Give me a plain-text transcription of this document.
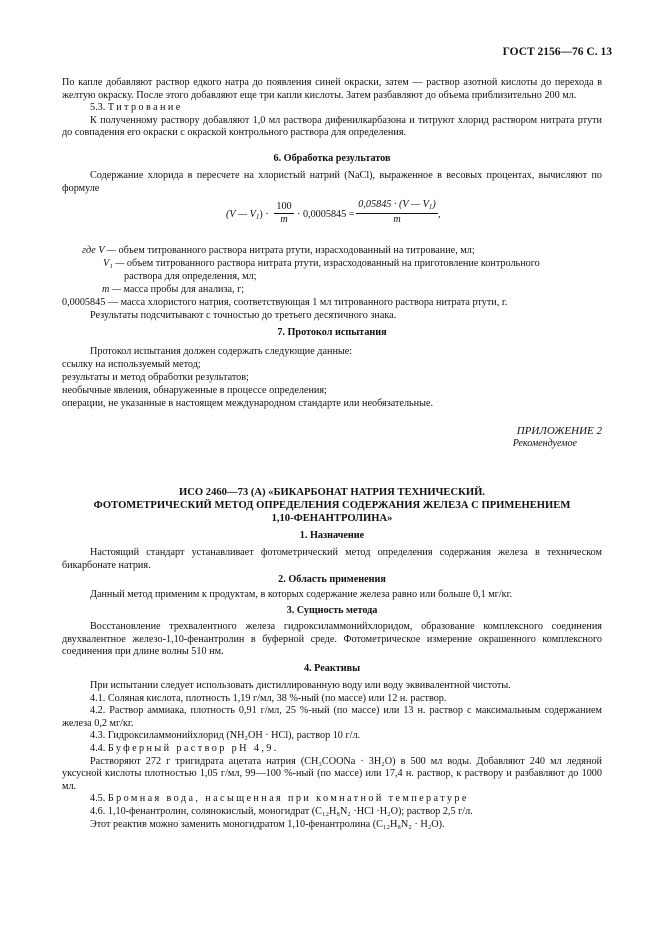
ГОСТ 2156—76 С. 13

По капле добавляют раствор едкого натра до появления синей окраски, затем — раствор азотной кислоты до перехода в желтую окраску. После этого добавляют еще три капли кислоты. Затем разбавляют до объема приблизительно 200 мл.

5.3. Титрование

К полученному раствору добавляют 1,0 мл раствора дифенилкарбазона и титруют хлорид раствором нитрата ртути до совпадения его окраски с окраской контрольного раствора для определения.

6. Обработка результатов
Содержание хлорида в пересчете на хлористый натрий (NaCl), выраженное в весовых процентах, вычисляют по формуле
(V — $V_1) \cdot \frac{100}{m} \cdot 0,0005845 = \frac{0,05845 \cdot (V — V_1)}{m}$ ,
где V — объем титрованного раствора нитрата ртути, израсходованный на титрование, мл;
V₁ — объем титрованного раствора нитрата ртути, израсходованный на приготовление контрольного
раствора для определения, мл;
m — масса пробы для анализа, г;
0,0005845 — масса хлористого натрия, соответствующая 1 мл титрованного раствора нитрата ртути, г.
Результаты подсчитывают с точностью до третьего десятичного знака.
7. Протокол испытания
Протокол испытания должен содержать следующие данные:
ссылку на используемый метод;
результаты и метод обработки результатов;
необычные явления, обнаруженные в процессе определения;
операции, не указанные в настоящем международном стандарте или необязательные.
ПРИЛОЖЕНИЕ 2
Рекомендуемое
ИСО 2460—73 (А) «БИКАРБОНАТ НАТРИЯ ТЕХНИЧЕСКИЙ.
ФОТОМЕТРИЧЕСКИЙ МЕТОД ОПРЕДЕЛЕНИЯ СОДЕРЖАНИЯ ЖЕЛЕЗА С ПРИМЕНЕНИЕМ
1,10-ФЕНАНТРОЛИНА»
1. Назначение
Настоящий стандарт устанавливает фотометрический метод определения содержания железа в техническом бикарбонате натрия.
2. Область применения
Данный метод применим к продуктам, в которых содержание железа равно или больше 0,1 мг/кг.
3. Сущность метода
Восстановление трехвалентного железа гидроксиламмонийхлоридом, образование комплексного соединения двухвалентное железо-1,10-фенантролин в буферной среде. Фотометрическое измерение окрашенного комплексного соединения при длине волны 510 нм.
4. Реактивы

При испытании следует использовать дистиллированную воду или воду эквивалентной чистоты.

4.1. Соляная кислота, плотность 1,19 г/мл, 38 %-ный (по массе) или 12 н. раствор.

4.2. Раствор аммиака, плотность 0,91 г/мл, 25 %-ный (по массе) или 13 н. раствор с максимальным содержанием железа 0,2 мг/кг.

4.3. Гидроксиламмонийхлорид (NH₂OH · HCl), раствор 10 г/л.

4.4. Буферный раствор рН 4,9.

Растворяют 272 г тригидрата ацетата натрия (CH₃COONa · 3H₂O) в 500 мл воды. Добавляют 240 мл ледяной уксусной кислоты плотностью 1,05 г/мл, 99—100 %-ный (по массе) или 17,4 н. раствор, к раствору и разбавляют до 1000 мл.

4.5. Бромная вода, насыщенная при комнатной температуре

4.6. 1,10-фенантролин, солянокислый, моногидрат (C₁₂H₈N₂ ·HCl ·H₂O); раствор 2,5 г/л.

Этот реактив можно заменить моногидратом 1,10-фенантролина (C₁₂H₈N₂ · H₂O).
